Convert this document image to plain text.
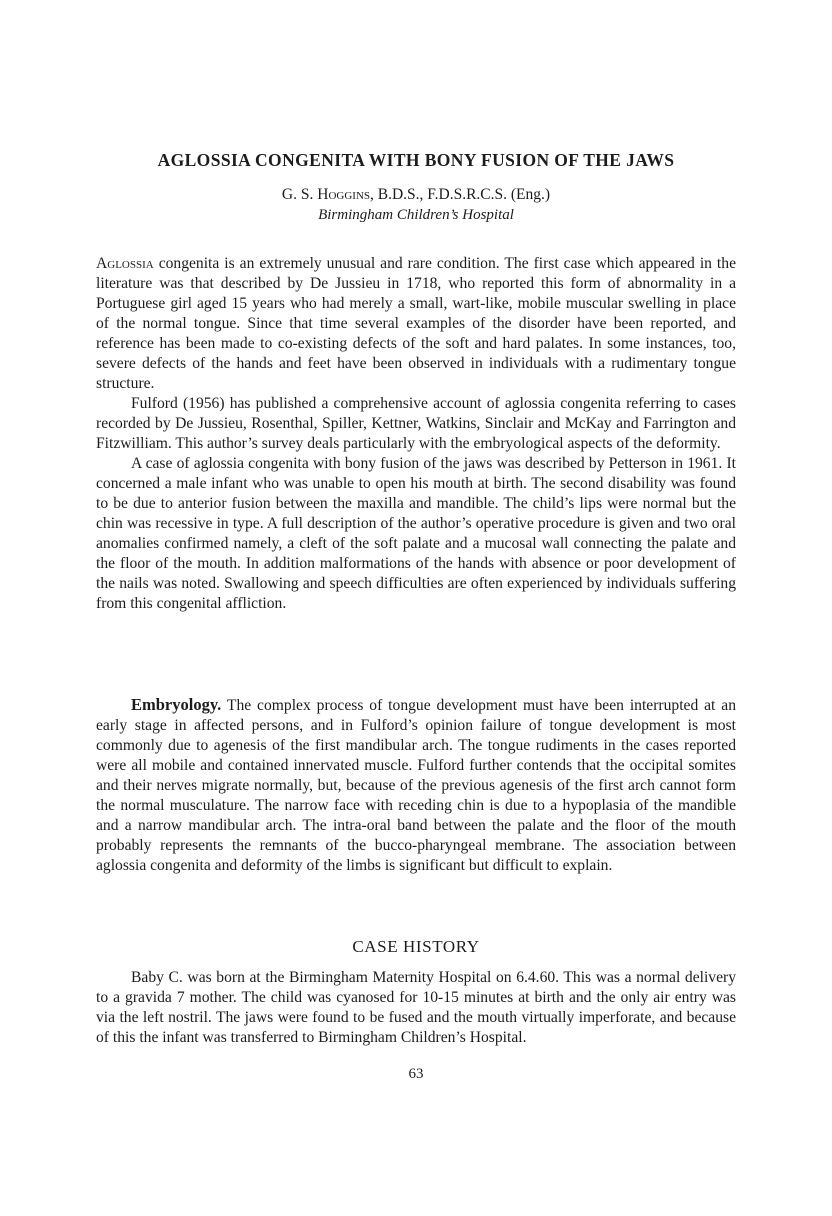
AGLOSSIA CONGENITA WITH BONY FUSION OF THE JAWS
G. S. Hoggins, B.D.S., F.D.S.R.C.S. (Eng.)
Birmingham Children’s Hospital

Aglossia congenita is an extremely unusual and rare condition. The first case which appeared in the literature was that described by De Jussieu in 1718, who reported this form of abnormality in a Portuguese girl aged 15 years who had merely a small, wart-like, mobile muscular swelling in place of the normal tongue. Since that time several examples of the disorder have been reported, and reference has been made to co-existing defects of the soft and hard palates. In some instances, too, severe defects of the hands and feet have been observed in individuals with a rudimentary tongue structure.

Fulford (1956) has published a comprehensive account of aglossia congenita referring to cases recorded by De Jussieu, Rosenthal, Spiller, Kettner, Watkins, Sinclair and McKay and Farrington and Fitzwilliam. This author’s survey deals particularly with the embryological aspects of the deformity.

A case of aglossia congenita with bony fusion of the jaws was described by Petterson in 1961. It concerned a male infant who was unable to open his mouth at birth. The second disability was found to be due to anterior fusion between the maxilla and mandible. The child’s lips were normal but the chin was recessive in type. A full description of the author’s operative procedure is given and two oral anomalies confirmed namely, a cleft of the soft palate and a mucosal wall connecting the palate and the floor of the mouth. In addition malformations of the hands with absence or poor development of the nails was noted. Swallowing and speech difficulties are often experienced by individuals suffering from this congenital affliction.

Embryology. The complex process of tongue development must have been interrupted at an early stage in affected persons, and in Fulford’s opinion failure of tongue development is most commonly due to agenesis of the first mandibular arch. The tongue rudiments in the cases reported were all mobile and contained innervated muscle. Fulford further contends that the occipital somites and their nerves migrate normally, but, because of the previous agenesis of the first arch cannot form the normal musculature. The narrow face with receding chin is due to a hypoplasia of the mandible and a narrow mandibular arch. The intra-oral band between the palate and the floor of the mouth probably represents the remnants of the bucco-pharyngeal membrane. The association between aglossia congenita and deformity of the limbs is significant but difficult to explain.

CASE HISTORY

Baby C. was born at the Birmingham Maternity Hospital on 6.4.60. This was a normal delivery to a gravida 7 mother. The child was cyanosed for 10-15 minutes at birth and the only air entry was via the left nostril. The jaws were found to be fused and the mouth virtually imperforate, and because of this the infant was transferred to Birmingham Children’s Hospital.

63
